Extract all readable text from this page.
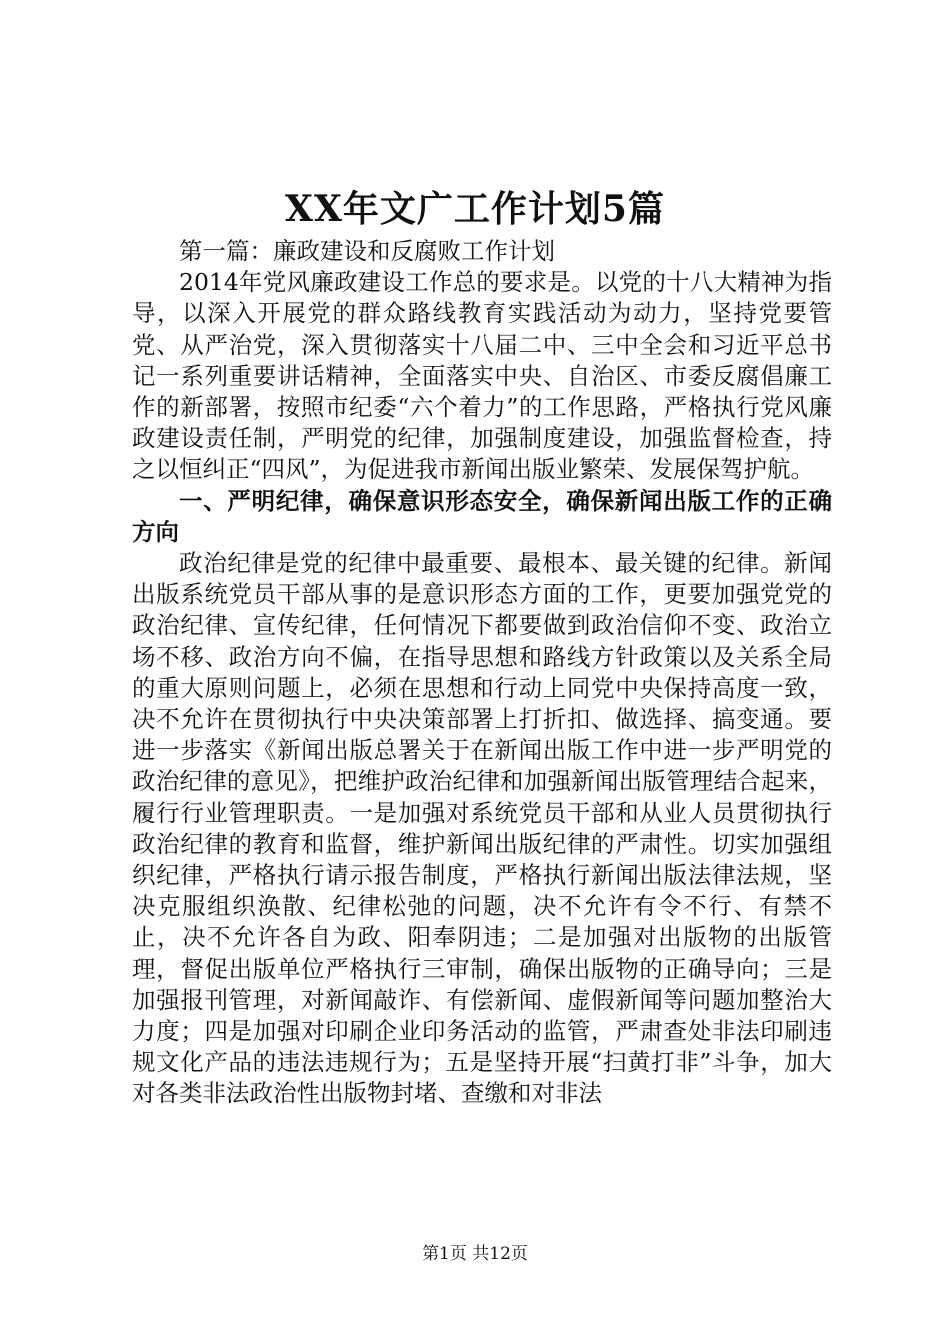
XX年文广工作计划5篇

第一篇：廉政建设和反腐败工作计划

2014年党风廉政建设工作总的要求是。以党的十八大精神为指导，以深入开展党的群众路线教育实践活动为动力，坚持党要管党、从严治党，深入贯彻落实十八届二中、三中全会和习近平总书记一系列重要讲话精神，全面落实中央、自治区、市委反腐倡廉工作的新部署，按照市纪委“六个着力”的工作思路，严格执行党风廉政建设责任制，严明党的纪律，加强制度建设，加强监督检查，持之以恒纠正“四风”，为促进我市新闻出版业繁荣、发展保驾护航。

一、严明纪律，确保意识形态安全，确保新闻出版工作的正确方向

政治纪律是党的纪律中最重要、最根本、最关键的纪律。新闻出版系统党员干部从事的是意识形态方面的工作，更要加强党党的政治纪律、宣传纪律，任何情况下都要做到政治信仰不变、政治立场不移、政治方向不偏，在指导思想和路线方针政策以及关系全局的重大原则问题上，必须在思想和行动上同党中央保持高度一致，决不允许在贯彻执行中央决策部署上打折扣、做选择、搞变通。要进一步落实《新闻出版总署关于在新闻出版工作中进一步严明党的政治纪律的意见》，把维护政治纪律和加强新闻出版管理结合起来，履行行业管理职责。一是加强对系统党员干部和从业人员贯彻执行政治纪律的教育和监督，维护新闻出版纪律的严肃性。切实加强组织纪律，严格执行请示报告制度，严格执行新闻出版法律法规，坚决克服组织涣散、纪律松弛的问题，决不允许有令不行、有禁不止，决不允许各自为政、阳奉阴违；二是加强对出版物的出版管理，督促出版单位严格执行三审制，确保出版物的正确导向；三是加强报刊管理，对新闻敲诈、有偿新闻、虚假新闻等问题加整治大力度；四是加强对印刷企业印务活动的监管，严肃查处非法印刷违规文化产品的违法违规行为；五是坚持开展“扫黄打非”斗争，加大对各类非法政治性出版物封堵、查缴和对非法

第1页 共12页
